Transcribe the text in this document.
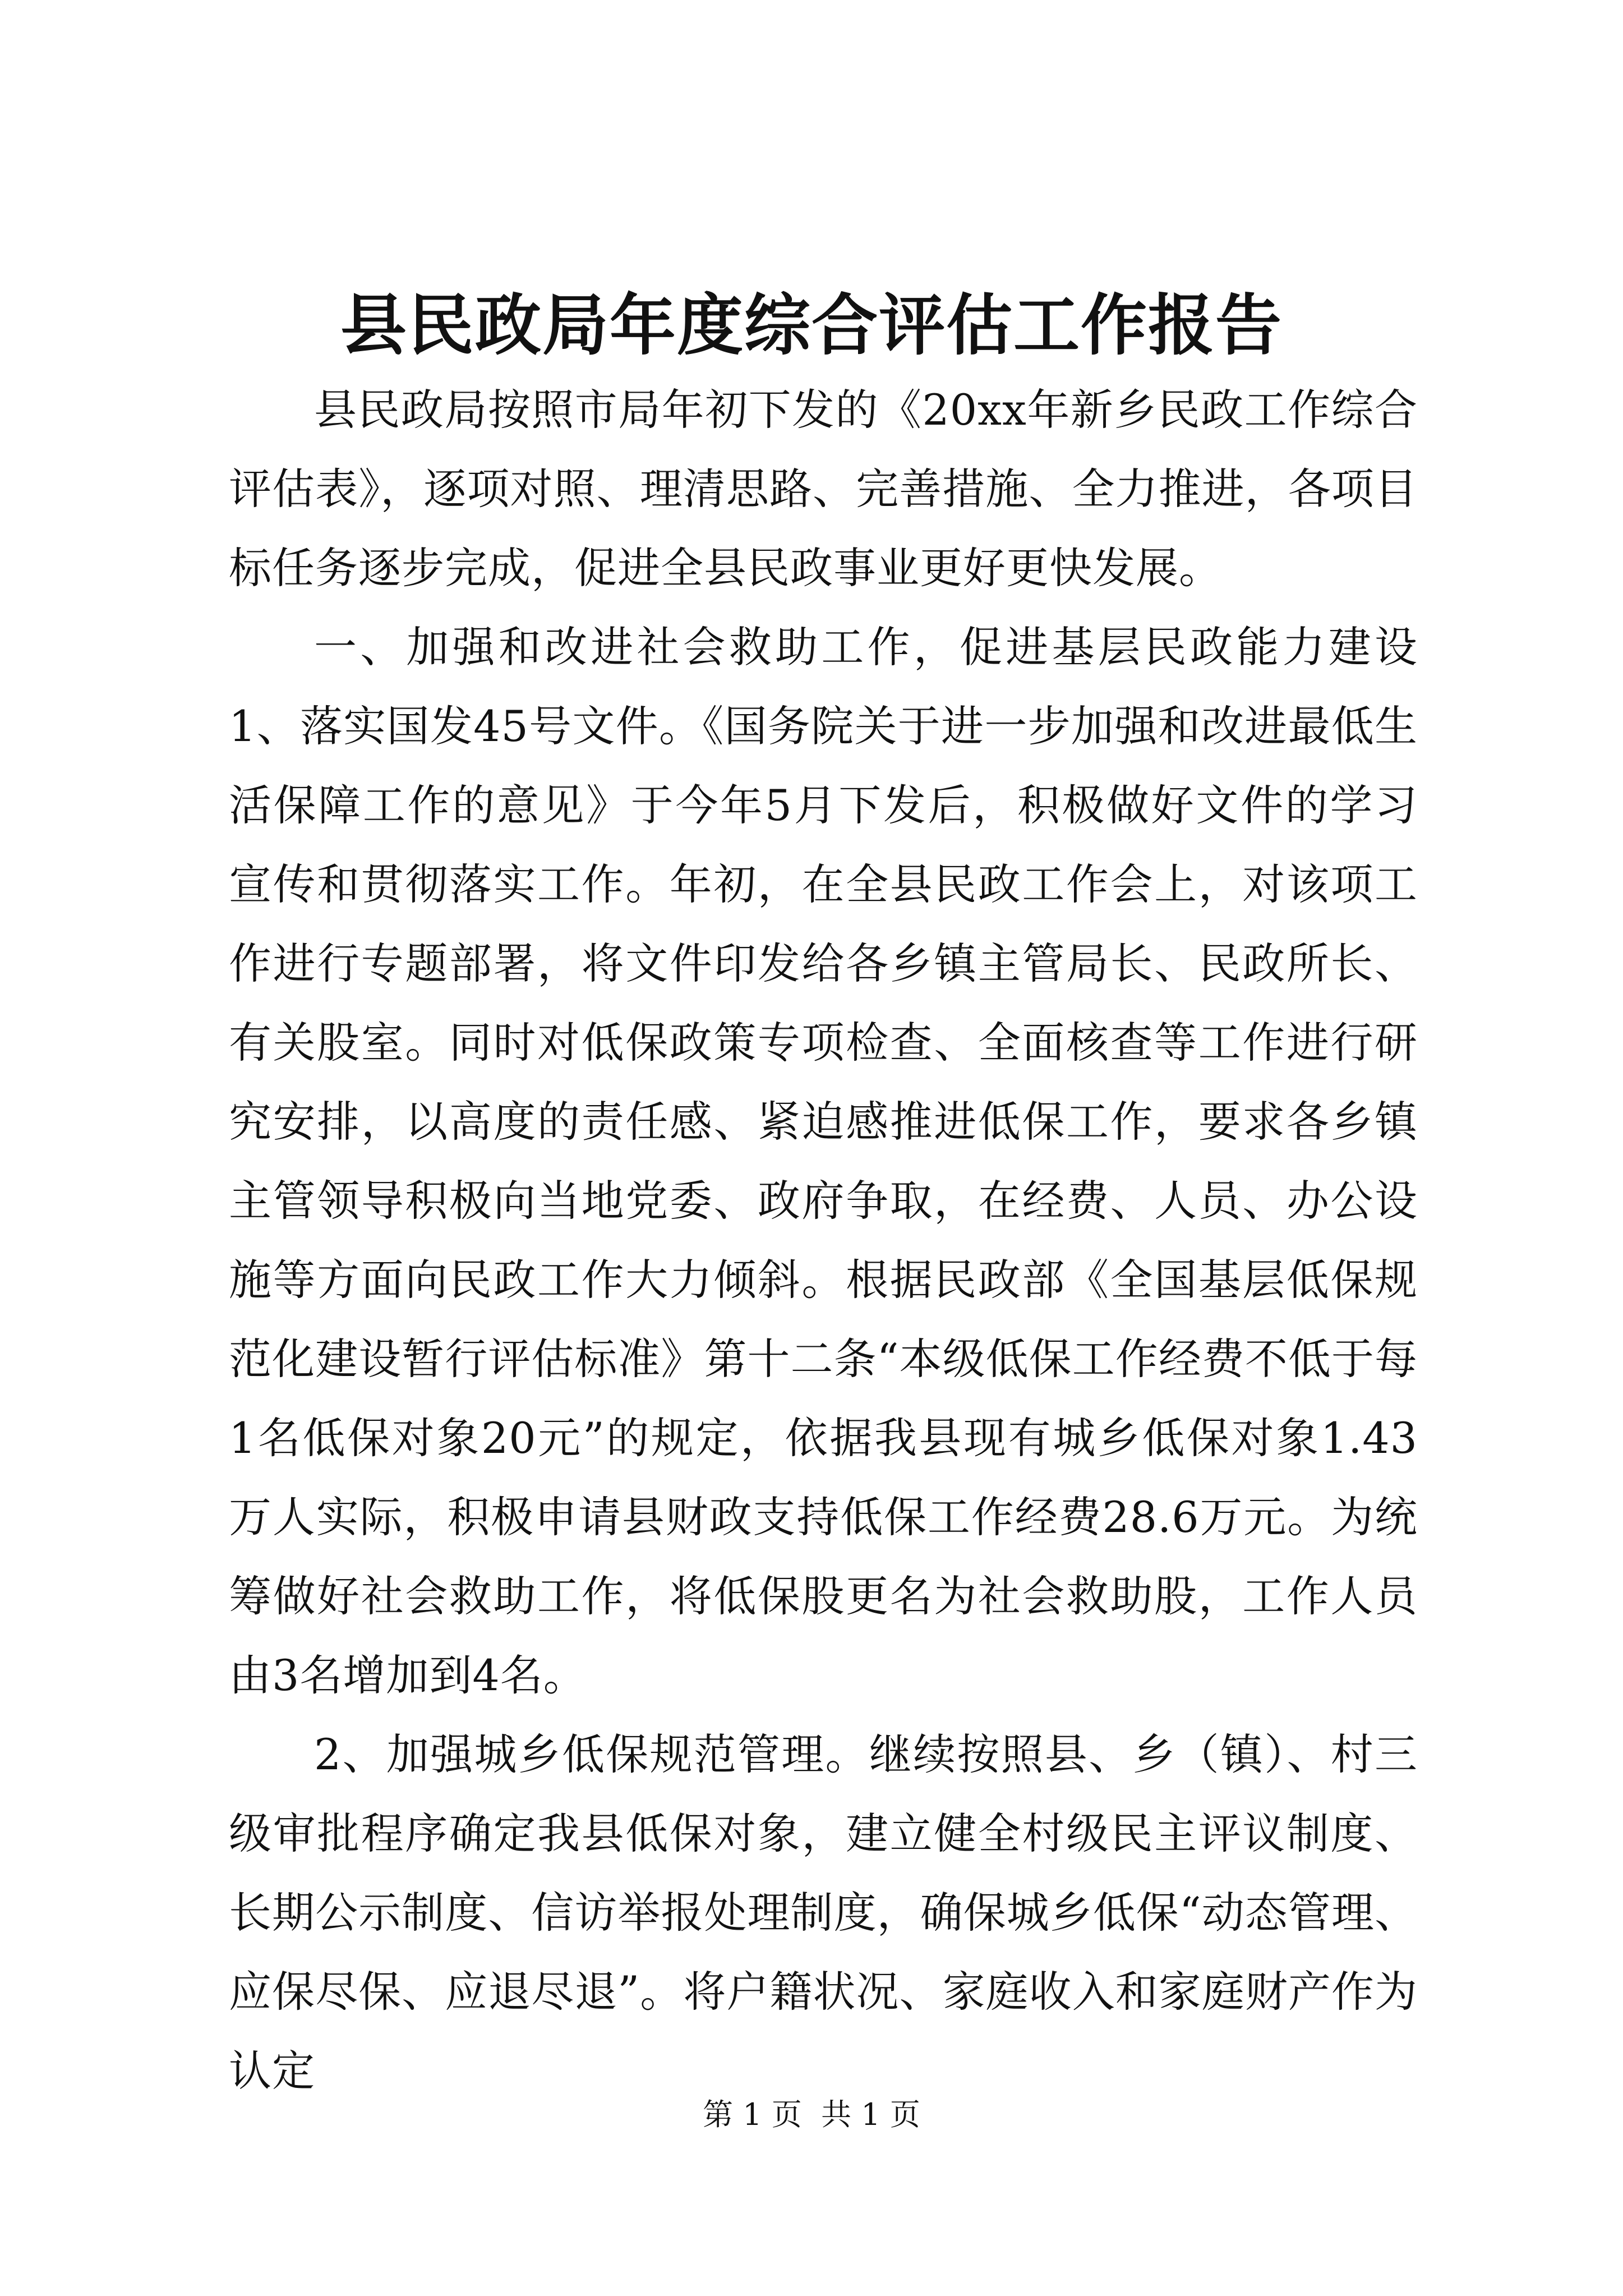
县民政局年度综合评估工作报告

县民政局按照市局年初下发的《20xx年新乡民政工作综合评估表》，逐项对照、理清思路、完善措施、全力推进，各项目标任务逐步完成，促进全县民政事业更好更快发展。

一、加强和改进社会救助工作，促进基层民政能力建设1、落实国发45号文件。《国务院关于进一步加强和改进最低生活保障工作的意见》于今年5月下发后，积极做好文件的学习宣传和贯彻落实工作。年初，在全县民政工作会上，对该项工作进行专题部署，将文件印发给各乡镇主管局长、民政所长、有关股室。同时对低保政策专项检查、全面核查等工作进行研究安排，以高度的责任感、紧迫感推进低保工作，要求各乡镇主管领导积极向当地党委、政府争取，在经费、人员、办公设施等方面向民政工作大力倾斜。根据民政部《全国基层低保规范化建设暂行评估标准》第十二条“本级低保工作经费不低于每1名低保对象20元”的规定，依据我县现有城乡低保对象1.43万人实际，积极申请县财政支持低保工作经费28.6万元。为统筹做好社会救助工作，将低保股更名为社会救助股，工作人员由3名增加到4名。

2、加强城乡低保规范管理。继续按照县、乡（镇）、村三级审批程序确定我县低保对象，建立健全村级民主评议制度、长期公示制度、信访举报处理制度，确保城乡低保“动态管理、应保尽保、应退尽退”。将户籍状况、家庭收入和家庭财产作为认定

第 1 页  共 1 页
